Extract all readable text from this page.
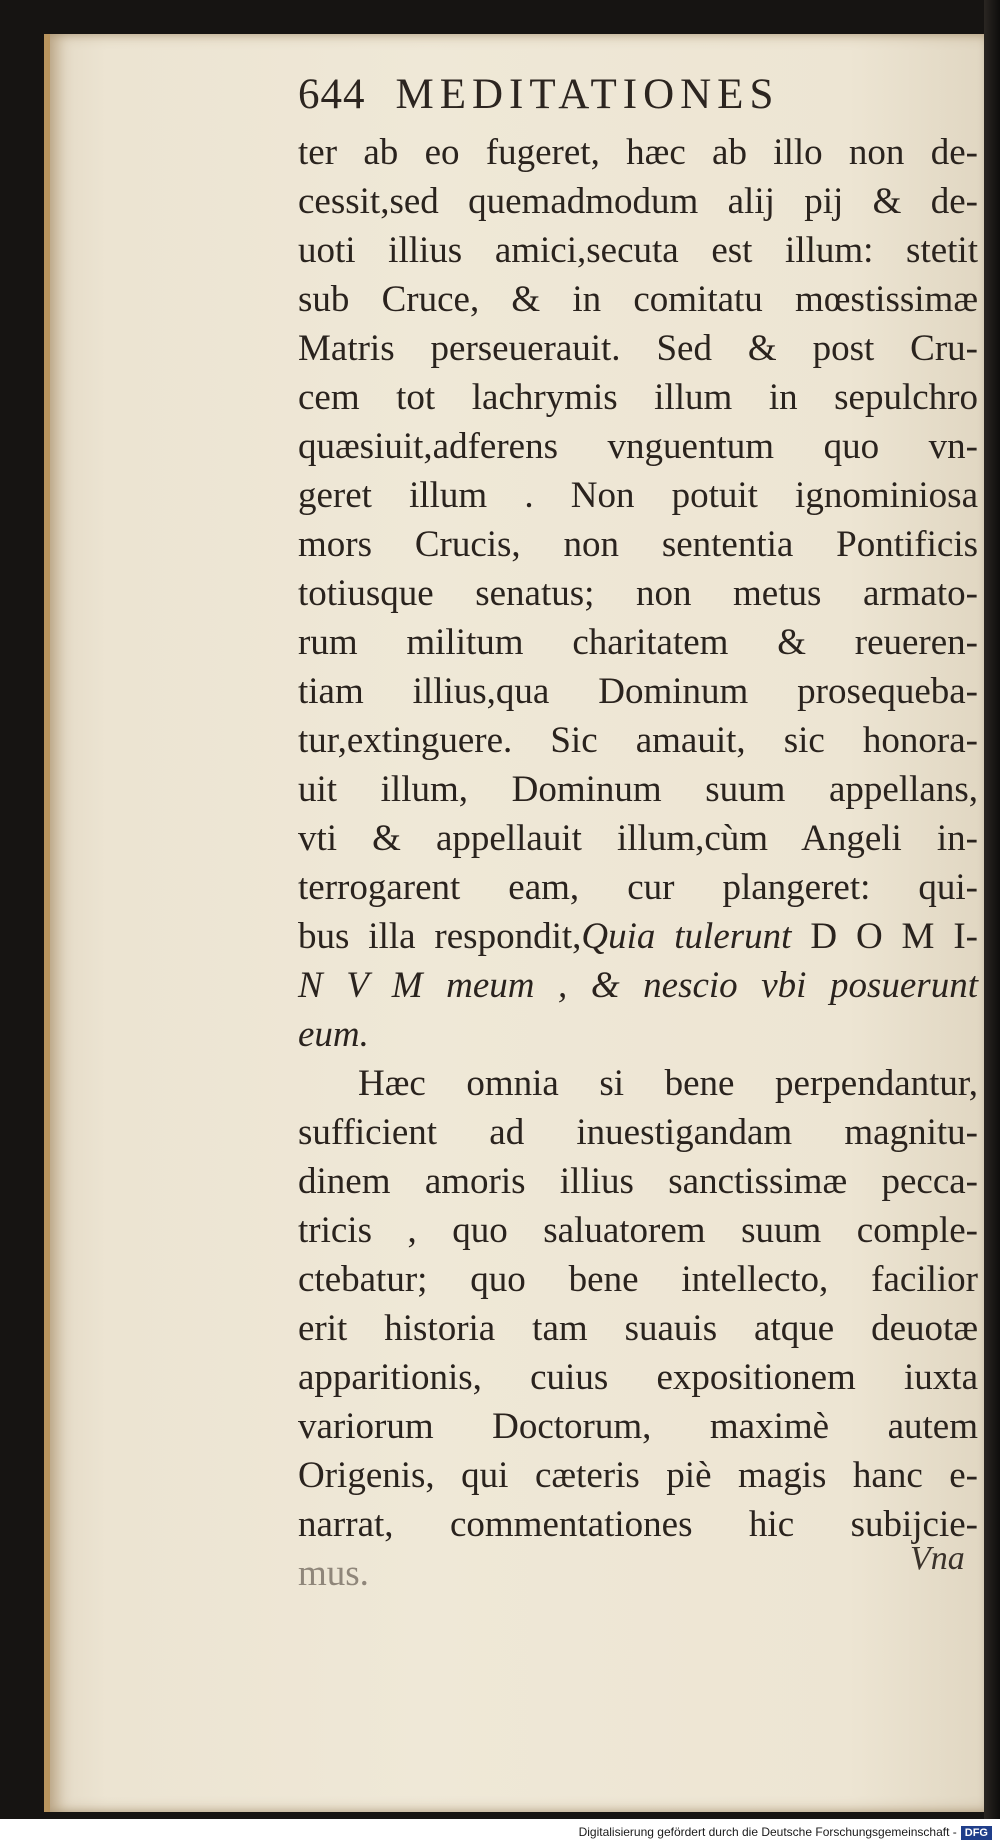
644 MEDITATIONES
ter ab eo fugeret, hæc ab illo non de-
cessit,sed quemadmodum alij pij & de-
uoti illius amici,secuta est illum: stetit
sub Cruce, & in comitatu mœstissimæ
Matris perseuerauit. Sed & post Cru-
cem tot lachrymis illum in sepulchro
quæsiuit,adferens vnguentum quo vn-
geret illum . Non potuit ignominiosa
mors Crucis, non sententia Pontificis
totiusque senatus; non metus armato-
rum militum charitatem & reueren-
tiam illius,qua Dominum prosequeba-
tur,extinguere. Sic amauit, sic honora-
uit illum, Dominum suum appellans,
vti & appellauit illum,cùm Angeli in-
terrogarent eam, cur plangeret: qui-
bus illa respondit,Quia tulerunt D O M I-
N V M meum , & nescio vbi posuerunt
eum.
Hæc omnia si bene perpendantur,
sufficient ad inuestigandam magnitu-
dinem amoris illius sanctissimæ pecca-
tricis , quo saluatorem suum comple-
ctebatur; quo bene intellecto, facilior
erit historia tam suauis atque deuotæ
apparitionis, cuius expositionem iuxta
variorum Doctorum, maximè autem
Origenis, qui cæteris piè magis hanc e-
narrat, commentationes hic subijcie-
mus.	Vna
Digitalisierung gefördert durch die Deutsche Forschungsgemeinschaft - DFG
